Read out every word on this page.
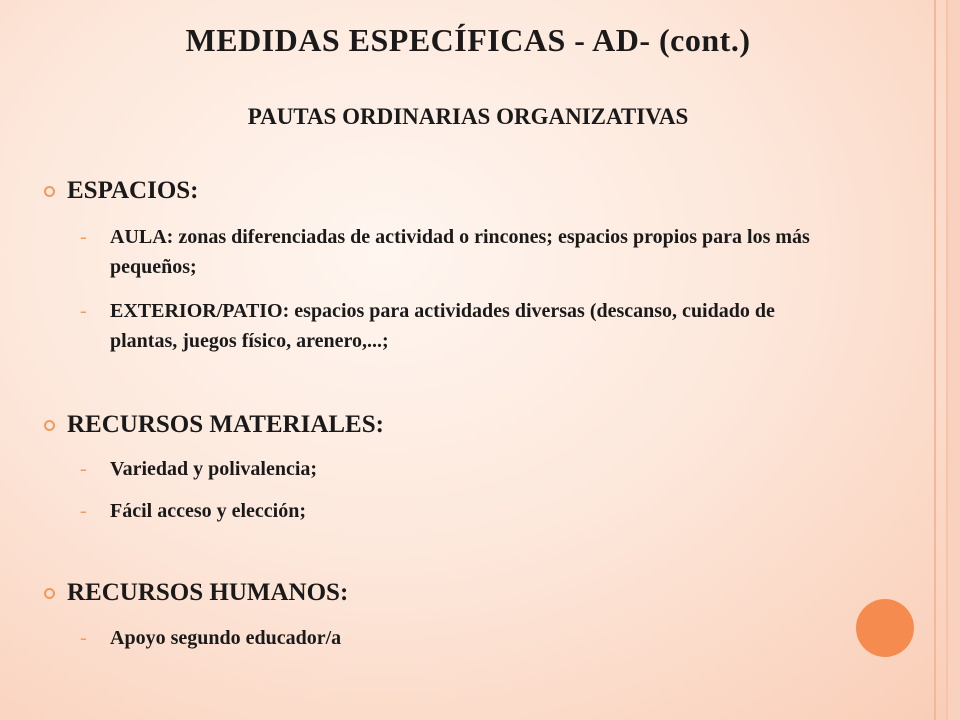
MEDIDAS ESPECÍFICAS - AD- (cont.)
PAUTAS ORDINARIAS ORGANIZATIVAS
ESPACIOS:
-	AULA: zonas diferenciadas de actividad o rincones; espacios propios para los más pequeños;
-	EXTERIOR/PATIO: espacios para actividades diversas (descanso, cuidado de plantas, juegos físico, arenero,...;
RECURSOS MATERIALES:
-	Variedad y polivalencia;
-	Fácil acceso y elección;
RECURSOS HUMANOS:
-	Apoyo segundo educador/a
